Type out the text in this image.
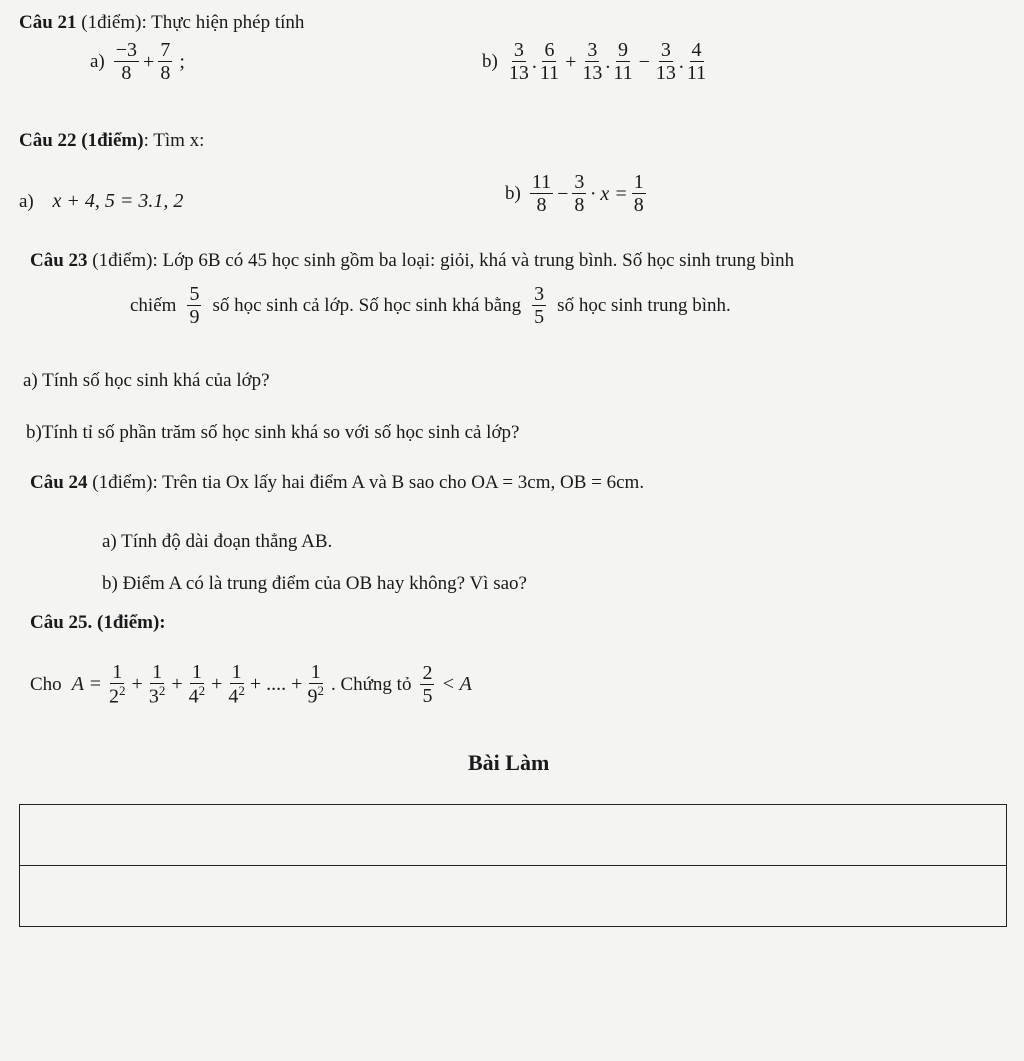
Câu 21 (1điểm): Thực hiện phép tính
$a) \frac{-3}{8} + \frac{7}{8}$ ;	$b) \frac{3}{13}$ . $\frac{6}{11} + \frac{3}{13}$ . $\frac{9}{11} - \frac{3}{13}$ . $\frac{4}{11}$
Câu 22 (1điểm): Tìm x:
a) x + 4, 5 = 3.1, 2	$b) \frac{11}{8} - \frac{3}{8} \cdot x = \frac{1}{8}$
Câu 23 (1điểm): Lớp 6B có 45 học sinh gồm ba loại: giỏi, khá và trung bình. Số học sinh trung bình
chiếm $\frac{5}{9}$ số học sinh cả lớp. Số học sinh khá bằng $\frac{3}{5}$ số học sinh trung bình.
a) Tính số học sinh khá của lớp?
b)Tính tỉ số phần trăm số học sinh khá so với số học sinh cả lớp?
Câu 24 (1điểm): Trên tia Ox lấy hai điểm A và B sao cho OA = 3cm, OB = 6cm.
a) Tính độ dài đoạn thẳng AB.
b) Điểm A có là trung điểm của OB hay không? Vì sao?
Câu 25. (1điểm):
Cho $A = \frac{1}{2^2} + \frac{1}{3^2} + \frac{1}{4^2} + \frac{1}{4^2}$ + .... + $\frac{1}{9^2}$ . Chứng tỏ $\frac{2}{5} < A$
Bài Làm
